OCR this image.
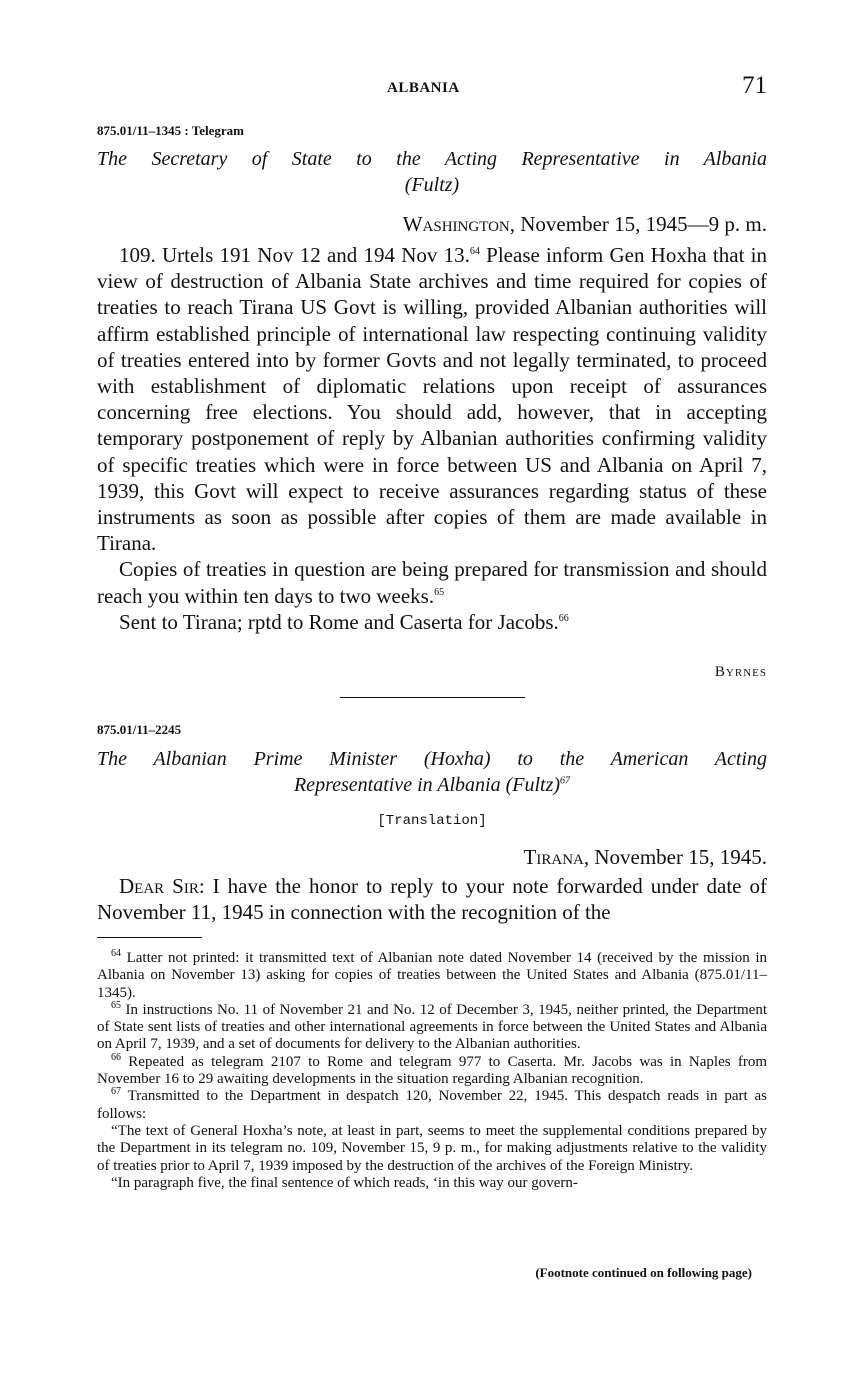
ALBANIA	71
875.01/11–1345 : Telegram
The Secretary of State to the Acting Representative in Albania
(Fultz)
Washington, November 15, 1945—9 p. m.

109. Urtels 191 Nov 12 and 194 Nov 13.64 Please inform Gen Hoxha that in view of destruction of Albania State archives and time required for copies of treaties to reach Tirana US Govt is willing, provided Albanian authorities will affirm established principle of international law respecting continuing validity of treaties entered into by former Govts and not legally terminated, to proceed with establishment of diplomatic relations upon receipt of assurances concerning free elections. You should add, however, that in accepting temporary postponement of reply by Albanian authorities confirming validity of specific treaties which were in force between US and Albania on April 7, 1939, this Govt will expect to receive assurances regarding status of these instruments as soon as possible after copies of them are made available in Tirana.

Copies of treaties in question are being prepared for transmission and should reach you within ten days to two weeks.$^{65}$

Sent to Tirana; rptd to Rome and Caserta for Jacobs.$^{66}$

Byrnes
875.01/11–2245
The Albanian Prime Minister (Hoxha) to the American Acting
Representative in Albania (Fultz)$^{67}$
[Translation]
Tirana, November 15, 1945.

Dear Sir: I have the honor to reply to your note forwarded under date of November 11, 1945 in connection with the recognition of the

$^{64}$ Latter not printed: it transmitted text of Albanian note dated November 14 (received by the mission in Albania on November 13) asking for copies of treaties between the United States and Albania (875.01/11–1345).

$^{65}$ In instructions No. 11 of November 21 and No. 12 of December 3, 1945, neither printed, the Department of State sent lists of treaties and other international agreements in force between the United States and Albania on April 7, 1939, and a set of documents for delivery to the Albanian authorities.

$^{66}$ Repeated as telegram 2107 to Rome and telegram 977 to Caserta. Mr. Jacobs was in Naples from November 16 to 29 awaiting developments in the situation regarding Albanian recognition.

$^{67}$ Transmitted to the Department in despatch 120, November 22, 1945. This despatch reads in part as follows:

“The text of General Hoxha’s note, at least in part, seems to meet the supplemental conditions prepared by the Department in its telegram no. 109, November 15, 9 p. m., for making adjustments relative to the validity of treaties prior to April 7, 1939 imposed by the destruction of the archives of the Foreign Ministry.

“In paragraph five, the final sentence of which reads, ‘in this way our govern-

(Footnote continued on following page)
